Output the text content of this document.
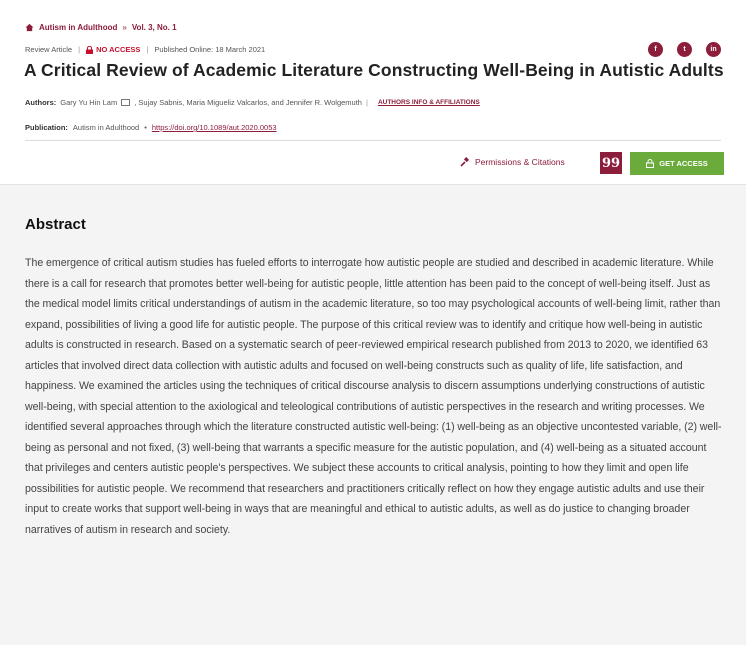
Autism in Adulthood » Vol. 3, No. 1
Review Article | NO ACCESS | Published Online: 18 March 2021	f	t	in
A Critical Review of Academic Literature Constructing Well-Being in Autistic Adults
Authors: Gary Yu Hin Lam , Sujay Sabnis, Maria Migueliz Valcarlos, and Jennifer R. Wolgemuth | AUTHORS INFO & AFFILIATIONS
Publication: Autism in Adulthood • https://doi.org/10.1089/aut.2020.0053
Permissions & Citations	99	GET ACCESS
Abstract

The emergence of critical autism studies has fueled efforts to interrogate how autistic people are studied and described in academic literature. While there is a call for research that promotes better well-being for autistic people, little attention has been paid to the concept of well-being itself. Just as the medical model limits critical understandings of autism in the academic literature, so too may psychological accounts of well-being limit, rather than expand, possibilities of living a good life for autistic people. The purpose of this critical review was to identify and critique how well-being in autistic adults is constructed in research. Based on a systematic search of peer-reviewed empirical research published from 2013 to 2020, we identified 63 articles that involved direct data collection with autistic adults and focused on well-being constructs such as quality of life, life satisfaction, and happiness. We examined the articles using the techniques of critical discourse analysis to discern assumptions underlying constructions of autistic well-being, with special attention to the axiological and teleological contributions of autistic perspectives in the research and writing processes. We identified several approaches through which the literature constructed autistic well-being: (1) well-being as an objective uncontested variable, (2) well-being as personal and not fixed, (3) well-being that warrants a specific measure for the autistic population, and (4) well-being as a situated account that privileges and centers autistic people's perspectives. We subject these accounts to critical analysis, pointing to how they limit and open life possibilities for autistic people. We recommend that researchers and practitioners critically reflect on how they engage autistic adults and use their input to create works that support well-being in ways that are meaningful and ethical to autistic adults, as well as do justice to changing broader narratives of autism in research and society.
